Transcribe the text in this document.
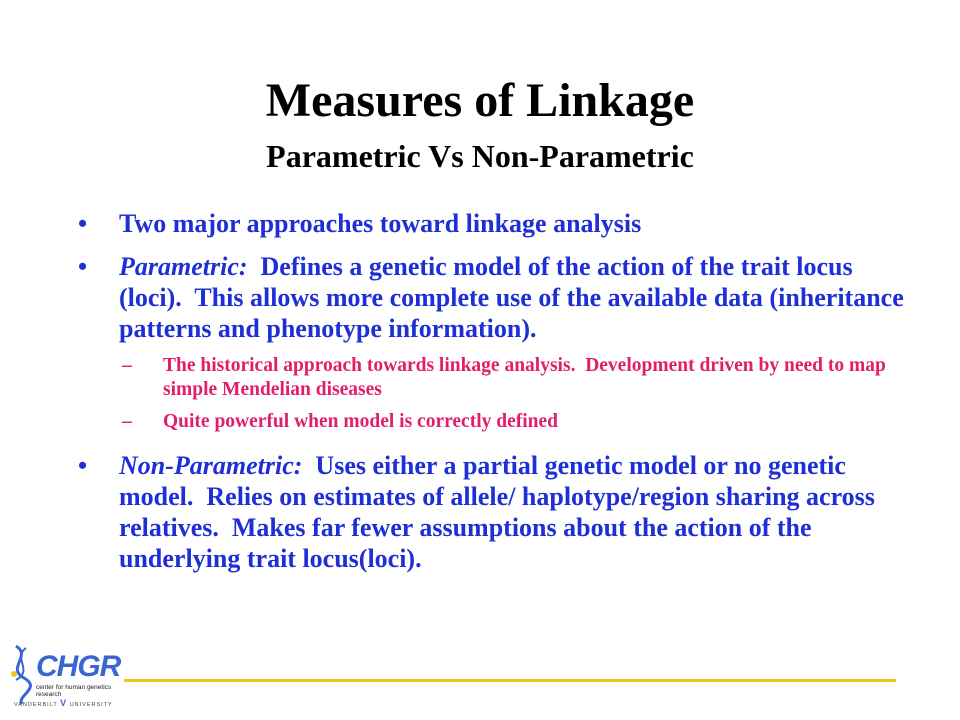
Measures of Linkage
Parametric Vs Non-Parametric
• Two major approaches toward linkage analysis
• Parametric:  Defines a genetic model of the action of the trait locus (loci).  This allows more complete use of the available data (inheritance patterns and phenotype information).
– The historical approach towards linkage analysis.  Development driven by need to map simple Mendelian diseases
– Quite powerful when model is correctly defined
• Non-Parametric:  Uses either a partial genetic model or no genetic model.  Relies on estimates of allele/ haplotype/region sharing across relatives.  Makes far fewer assumptions about the action of the underlying trait locus(loci).
CHGR
center for human genetics research
VANDERBILT V UNIVERSITY
